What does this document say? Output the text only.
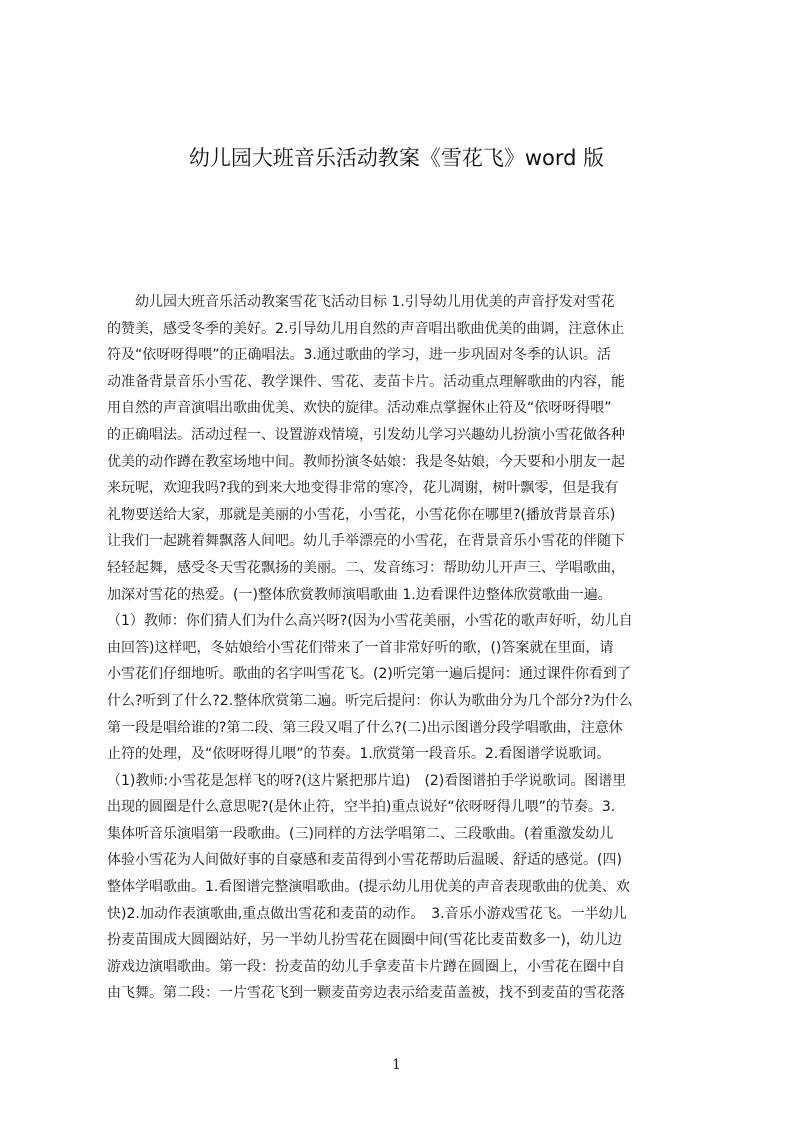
幼儿园大班音乐活动教案《雪花飞》word 版
　　幼儿园大班音乐活动教案雪花飞活动目标 1.引导幼儿用优美的声音抒发对雪花
的赞美，感受冬季的美好。2.引导幼儿用自然的声音唱出歌曲优美的曲调，注意休止
符及“依呀呀得喂”的正确唱法。3.通过歌曲的学习，进一步巩固对冬季的认识。活
动准备背景音乐小雪花、教学课件、雪花、麦苗卡片。活动重点理解歌曲的内容，能
用自然的声音演唱出歌曲优美、欢快的旋律。活动难点掌握休止符及“依呀呀得喂”
的正确唱法。活动过程一、设置游戏情境，引发幼儿学习兴趣幼儿扮演小雪花做各种
优美的动作蹲在教室场地中间。教师扮演冬姑娘：我是冬姑娘，今天要和小朋友一起
来玩呢，欢迎我吗?我的到来大地变得非常的寒冷，花儿凋谢，树叶飘零，但是我有
礼物要送给大家，那就是美丽的小雪花，小雪花，小雪花你在哪里?(播放背景音乐)
让我们一起跳着舞飘落人间吧。幼儿手举漂亮的小雪花，在背景音乐小雪花的伴随下
轻轻起舞，感受冬天雪花飘扬的美丽。二、发音练习：帮助幼儿开声三、学唱歌曲，
加深对雪花的热爱。(一)整体欣赏教师演唱歌曲 1.边看课件边整体欣赏歌曲一遍。
（1）教师：你们猜人们为什么高兴呀?(因为小雪花美丽，小雪花的歌声好听，幼儿自
由回答)这样吧，冬姑娘给小雪花们带来了一首非常好听的歌，()答案就在里面，请
小雪花们仔细地听。歌曲的名字叫雪花飞。(2)听完第一遍后提问：通过课件你看到了
什么?听到了什么?2.整体欣赏第二遍。听完后提问：你认为歌曲分为几个部分?为什么
第一段是唱给谁的?第二段、第三段又唱了什么?(二)出示图谱分段学唱歌曲，注意休
止符的处理，及“依呀呀得儿喂”的节奏。1.欣赏第一段音乐。2.看图谱学说歌词。
（1)教师:小雪花是怎样飞的呀?(这片紧把那片追)　(2)看图谱拍手学说歌词。图谱里
出现的圆圈是什么意思呢?(是休止符，空半拍)重点说好“依呀呀得儿喂”的节奏。3.
集体听音乐演唱第一段歌曲。(三)同样的方法学唱第二、三段歌曲。(着重激发幼儿
体验小雪花为人间做好事的自豪感和麦苗得到小雪花帮助后温暖、舒适的感觉。(四)
整体学唱歌曲。1.看图谱完整演唱歌曲。(提示幼儿用优美的声音表现歌曲的优美、欢
快)2.加动作表演歌曲,重点做出雪花和麦苗的动作。　3.音乐小游戏雪花飞。一半幼儿
扮麦苗围成大圆圈站好，另一半幼儿扮雪花在圆圈中间(雪花比麦苗数多一)，幼儿边
游戏边演唱歌曲。第一段：扮麦苗的幼儿手拿麦苗卡片蹲在圆圈上，小雪花在圈中自
由飞舞。第二段：一片雪花飞到一颗麦苗旁边表示给麦苗盖被，找不到麦苗的雪花落
1
